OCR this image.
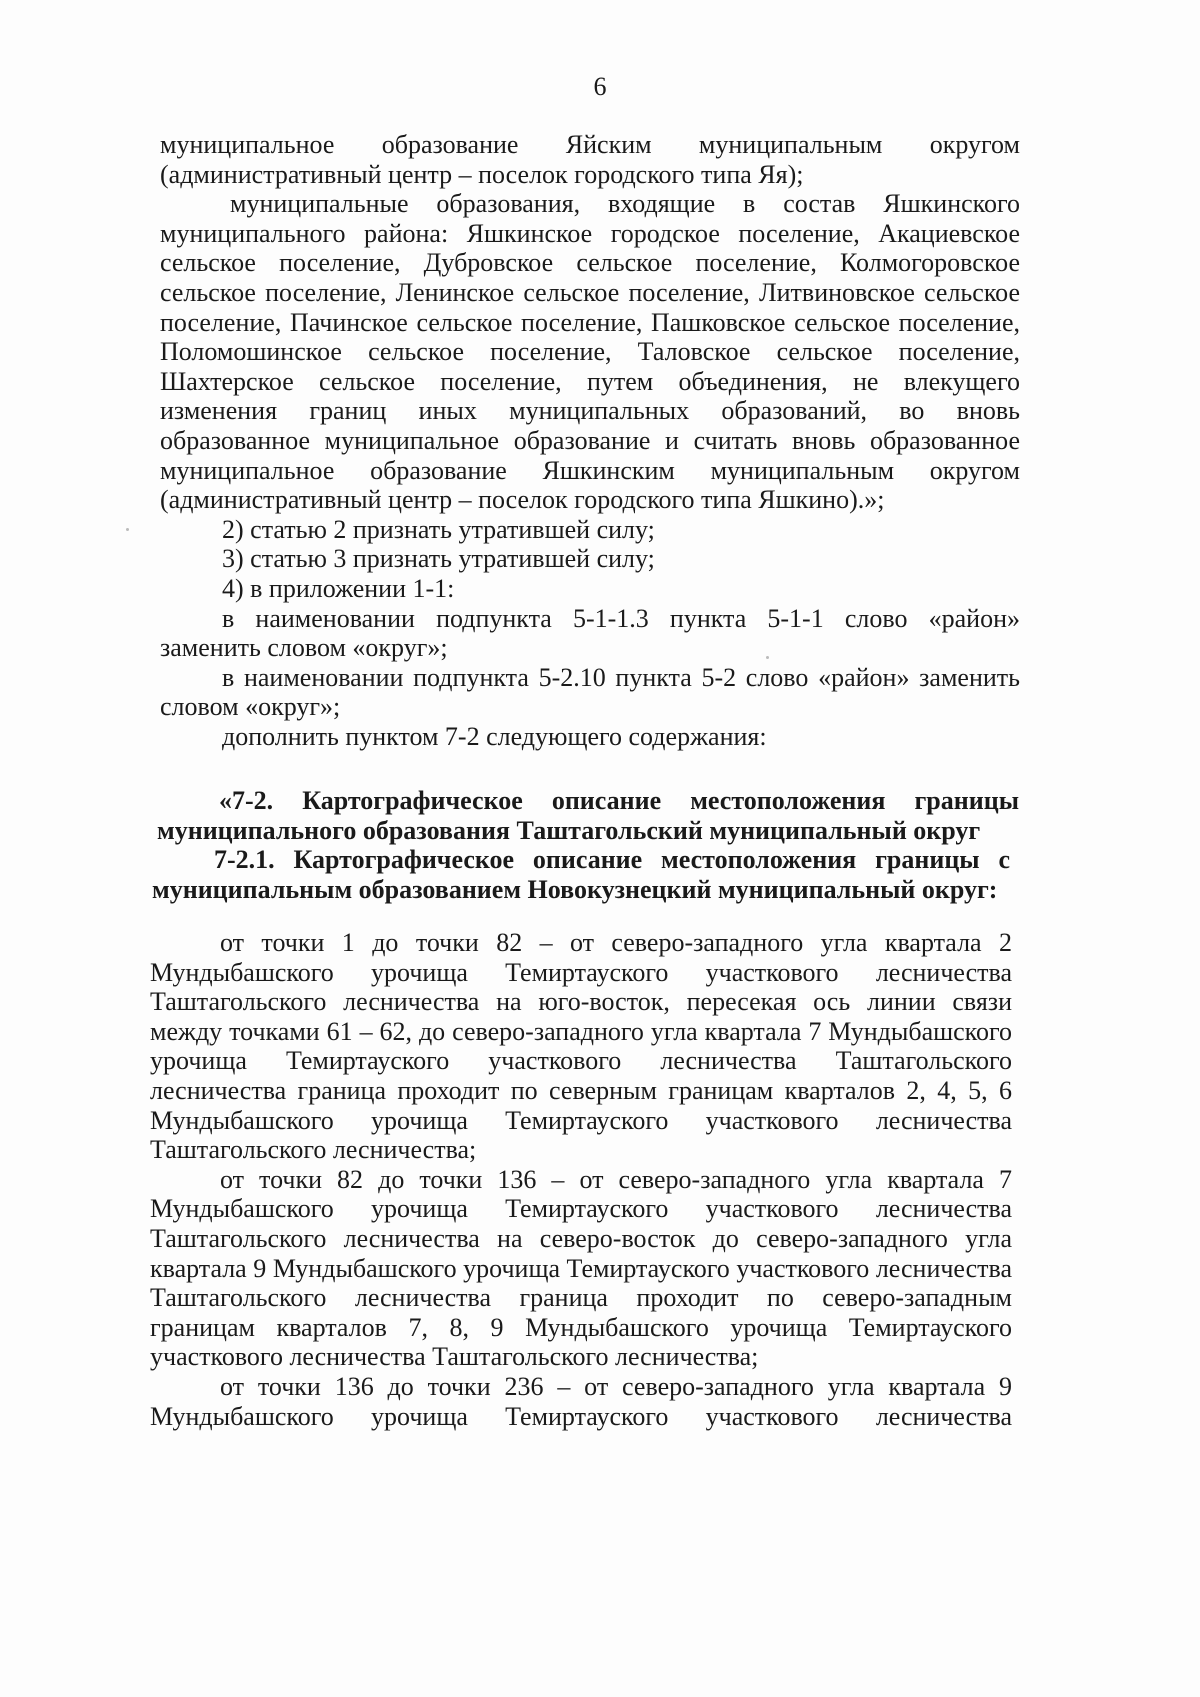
6

муниципальное образование Яйским муниципальным округом (административный центр – поселок городского типа Яя);

муниципальные образования, входящие в состав Яшкинского муниципального района: Яшкинское городское поселение, Акациевское сельское поселение, Дубровское сельское поселение, Колмогоровское сельское поселение, Ленинское сельское поселение, Литвиновское сельское поселение, Пачинское сельское поселение, Пашковское сельское поселение, Поломошинское сельское поселение, Таловское сельское поселение, Шахтерское сельское поселение, путем объединения, не влекущего изменения границ иных муниципальных образований, во вновь образованное муниципальное образование и считать вновь образованное муниципальное образование Яшкинским муниципальным округом (административный центр – поселок городского типа Яшкино).»;

2) статью 2 признать утратившей силу;

3) статью 3 признать утратившей силу;

4) в приложении 1-1:

в наименовании подпункта 5-1-1.3 пункта 5-1-1 слово «район» заменить словом «округ»;

в наименовании подпункта 5-2.10 пункта 5-2 слово «район» заменить словом «округ»;

дополнить пунктом 7-2 следующего содержания:

«7-2. Картографическое описание местоположения границы

муниципального образования Таштагольский муниципальный округ

7-2.1. Картографическое описание местоположения границы с

муниципальным образованием Новокузнецкий муниципальный округ:

от точки 1 до точки 82 – от северо-западного угла квартала 2 Мундыбашского урочища Темиртауского участкового лесничества Таштагольского лесничества на юго-восток, пересекая ось линии связи между точками 61 – 62, до северо-западного угла квартала 7 Мундыбашского урочища Темиртауского участкового лесничества Таштагольского лесничества граница проходит по северным границам кварталов 2, 4, 5, 6 Мундыбашского урочища Темиртауского участкового лесничества Таштагольского лесничества;

от точки 82 до точки 136 – от северо-западного угла квартала 7 Мундыбашского урочища Темиртауского участкового лесничества Таштагольского лесничества на северо-восток до северо-западного угла квартала 9 Мундыбашского урочища Темиртауского участкового лесничества Таштагольского лесничества граница проходит по северо-западным границам кварталов 7, 8, 9 Мундыбашского урочища Темиртауского участкового лесничества Таштагольского лесничества;

от точки 136 до точки 236 – от северо-западного угла квартала 9 Мундыбашского урочища Темиртауского участкового лесничества
